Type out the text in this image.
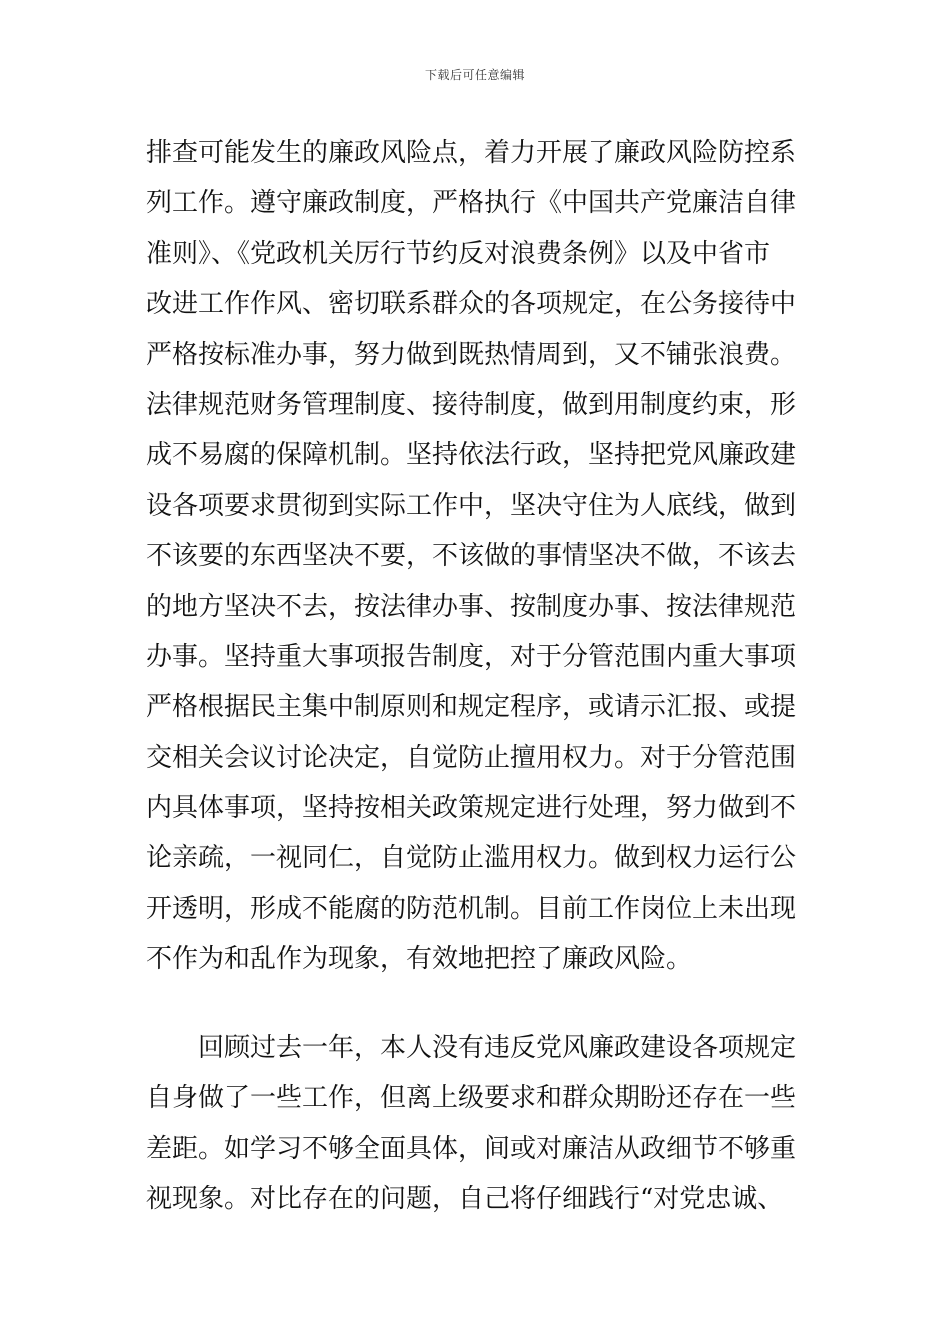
下载后可任意编辑
排查可能发生的廉政风险点，着力开展了廉政风险防控系
列工作。遵守廉政制度，严格执行《中国共产党廉洁自律
准则》、《党政机关厉行节约反对浪费条例》以及中省市
改进工作作风、密切联系群众的各项规定，在公务接待中
严格按标准办事，努力做到既热情周到，又不铺张浪费。
法律规范财务管理制度、接待制度，做到用制度约束，形
成不易腐的保障机制。坚持依法行政，坚持把党风廉政建
设各项要求贯彻到实际工作中，坚决守住为人底线，做到
不该要的东西坚决不要，不该做的事情坚决不做，不该去
的地方坚决不去，按法律办事、按制度办事、按法律规范
办事。坚持重大事项报告制度，对于分管范围内重大事项
严格根据民主集中制原则和规定程序，或请示汇报、或提
交相关会议讨论决定，自觉防止擅用权力。对于分管范围
内具体事项，坚持按相关政策规定进行处理，努力做到不
论亲疏，一视同仁，自觉防止滥用权力。做到权力运行公
开透明，形成不能腐的防范机制。目前工作岗位上未出现
不作为和乱作为现象，有效地把控了廉政风险。
回顾过去一年，本人没有违反党风廉政建设各项规定
自身做了一些工作，但离上级要求和群众期盼还存在一些
差距。如学习不够全面具体，间或对廉洁从政细节不够重
视现象。对比存在的问题，自己将仔细践行“对党忠诚、
